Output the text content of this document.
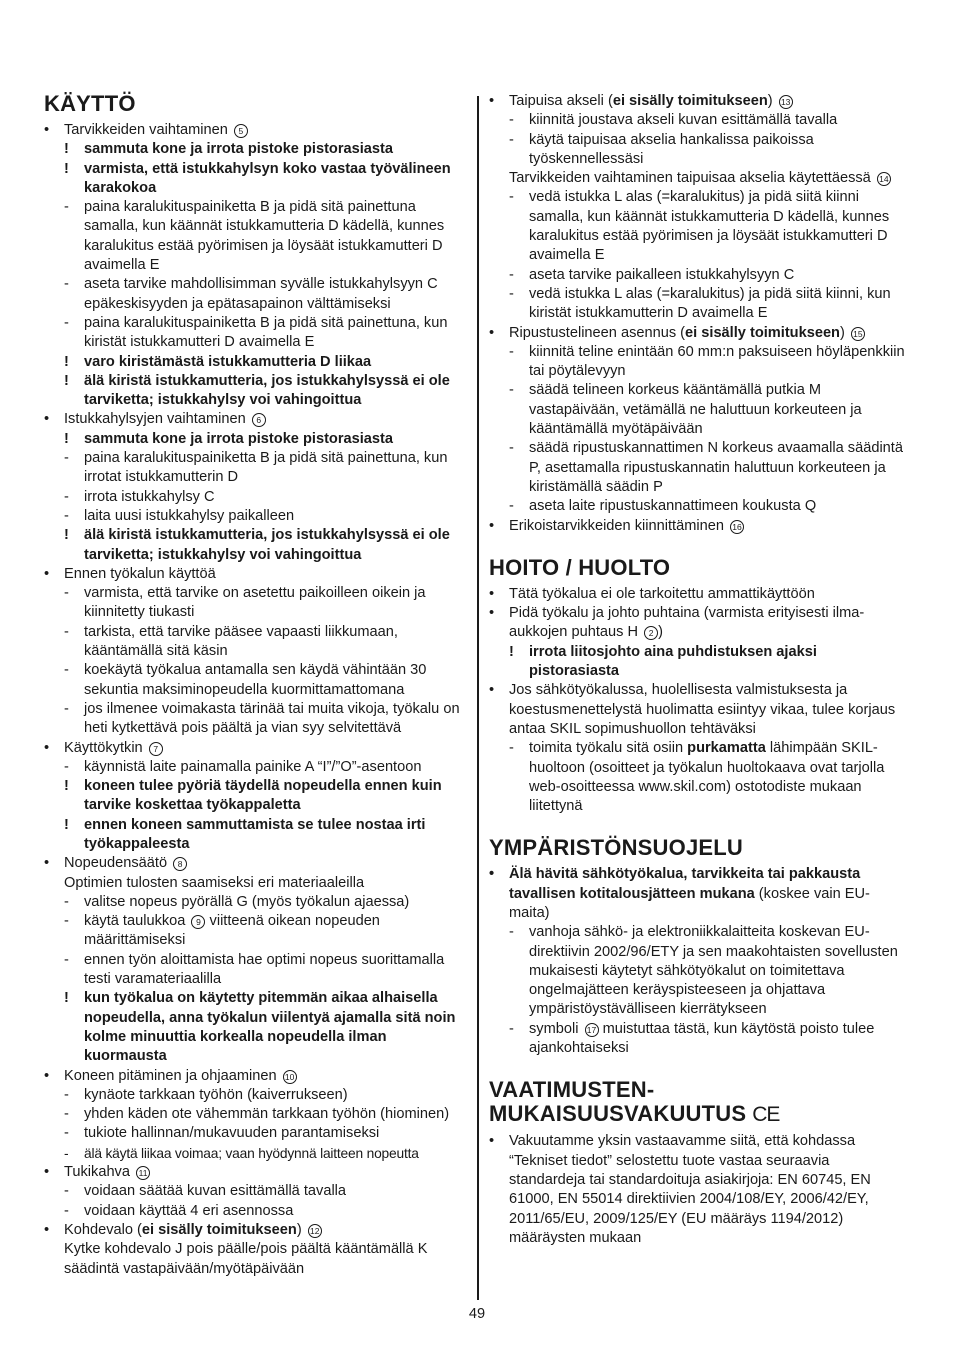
KÄYTTÖ
•	Tarvikkeiden vaihtaminen 5
!	sammuta kone ja irrota pistoke pistorasiasta
!	varmista, että istukkahylsyn koko vastaa työvälineen karakokoa
-	paina karalukituspainiketta B ja pidä sitä painettuna samalla, kun käännät istukkamutteria D kädellä, kunnes karalukitus estää pyörimisen ja löysäät istukkamutteri D avaimella E
-	aseta tarvike mahdollisimman syvälle istukkahylsyyn C epäkeskisyyden ja epätasapainon välttämiseksi
-	paina karalukituspainiketta B ja pidä sitä painettuna, kun kiristät istukkamutteri D avaimella E
!	varo kiristämästä istukkamutteria D liikaa
!	älä kiristä istukkamutteria, jos istukkahylsyssä ei ole tarviketta; istukkahylsy voi vahingoittua
•	Istukkahylsyjen vaihtaminen 6
!	sammuta kone ja irrota pistoke pistorasiasta
-	paina karalukituspainiketta B ja pidä sitä painettuna, kun irrotat istukkamutterin D
-	irrota istukkahylsy C
-	laita uusi istukkahylsy paikalleen
!	älä kiristä istukkamutteria, jos istukkahylsyssä ei ole tarviketta; istukkahylsy voi vahingoittua
•	Ennen työkalun käyttöä
-	varmista, että tarvike on asetettu paikoilleen oikein ja kiinnitetty tiukasti
-	tarkista, että tarvike pääsee vapaasti liikkumaan, kääntämällä sitä käsin
-	koekäytä työkalua antamalla sen käydä vähintään 30 sekuntia maksiminopeudella kuormittamattomana
-	jos ilmenee voimakasta tärinää tai muita vikoja, työkalu on heti kytkettävä pois päältä ja vian syy selvitettävä
•	Käyttökytkin 7
-	käynnistä laite painamalla painike A “I”/”O”-asentoon
!	koneen tulee pyöriä täydellä nopeudella ennen kuin tarvike koskettaa työkappaletta
!	ennen koneen sammuttamista se tulee nostaa irti työkappaleesta
•	Nopeudensäätö 8
Optimien tulosten saamiseksi eri materiaaleilla
-	valitse nopeus pyörällä G (myös työkalun ajaessa)
-	käytä taulukkoa 9 viitteenä oikean nopeuden määrittämiseksi
-	ennen työn aloittamista hae optimi nopeus suorittamalla testi varamateriaalilla
!	kun työkalua on käytetty pitemmän aikaa alhaisella nopeudella, anna työkalun viilentyä ajamalla sitä noin kolme minuuttia korkealla nopeudella ilman kuormausta
•	Koneen pitäminen ja ohjaaminen 10
-	kynäote tarkkaan työhön (kaiverrukseen)
-	yhden käden ote vähemmän tarkkaan työhön (hiominen)
-	tukiote hallinnan/mukavuuden parantamiseksi
-	älä käytä liikaa voimaa; vaan hyödynnä laitteen nopeutta
•	Tukikahva 11
-	voidaan säätää kuvan esittämällä tavalla
-	voidaan käyttää 4 eri asennossa
•	Kohdevalo (ei sisälly toimitukseen) 12
Kytke kohdevalo J pois päälle/pois päältä kääntämällä K säädintä vastapäivään/myötäpäivään
•	Taipuisa akseli (ei sisälly toimitukseen) 13
-	kiinnitä joustava akseli kuvan esittämällä tavalla
-	käytä taipuisaa akselia hankalissa paikoissa työskennellessäsi
Tarvikkeiden vaihtaminen taipuisaa akselia käytettäessä 14
-	vedä istukka L alas (=karalukitus) ja pidä siitä kiinni samalla, kun käännät istukkamutteria D kädellä, kunnes karalukitus estää pyörimisen ja löysäät istukkamutteri D avaimella E
-	aseta tarvike paikalleen istukkahylsyyn C
-	vedä istukka L alas (=karalukitus) ja pidä siitä kiinni, kun kiristät istukkamutterin D avaimella E
•	Ripustustelineen asennus (ei sisälly toimitukseen) 15
-	kiinnitä teline enintään 60 mm:n paksuiseen höyläpenkkiin tai pöytälevyyn
-	säädä telineen korkeus kääntämällä putkia M vastapäivään, vetämällä ne haluttuun korkeuteen ja kääntämällä myötäpäivään
-	säädä ripustuskannattimen N korkeus avaamalla säädintä P, asettamalla ripustuskannatin haluttuun korkeuteen ja kiristämällä säädin P
-	aseta laite ripustuskannattimeen koukusta Q
•	Erikoistarvikkeiden kiinnittäminen 16
HOITO / HUOLTO
•	Tätä työkalua ei ole tarkoitettu ammattikäyttöön
•	Pidä työkalu ja johto puhtaina (varmista erityisesti ilma-aukkojen puhtaus H 2 )
!	irrota liitosjohto aina puhdistuksen ajaksi pistorasiasta
•	Jos sähkötyökalussa, huolellisesta valmistuksesta ja koestusmenettelystä huolimatta esiintyy vikaa, tulee korjaus antaa SKIL sopimushuollon tehtäväksi
-	toimita työkalu sitä osiin purkamatta lähimpään SKIL-huoltoon (osoitteet ja työkalun huoltokaava ovat tarjolla web-osoitteessa www.skil.com) ostotodiste mukaan liitettynä
YMPÄRISTÖNSUOJELU
•	Älä hävitä sähkötyökalua, tarvikkeita tai pakkausta tavallisen kotitalousjätteen mukana (koskee vain EU-maita)
-	vanhoja sähkö- ja elektroniikkalaitteita koskevan EU-direktiivin 2002/96/ETY ja sen maakohtaisten sovellusten mukaisesti käytetyt sähkötyökalut on toimitettava ongelmajätteen keräyspisteeseen ja ohjattava ympäristöystävälliseen kierrätykseen
-	symboli 17 muistuttaa tästä, kun käytöstä poisto tulee ajankohtaiseksi
VAATIMUSTEN-
MUKAISUUSVAKUUTUS CE
•	Vakuutamme yksin vastaavamme siitä, että kohdassa “Tekniset tiedot” selostettu tuote vastaa seuraavia standardeja tai standardoituja asiakirjoja: EN 60745, EN 61000, EN 55014 direktiivien 2004/108/EY, 2006/42/EY, 2011/65/EU, 2009/125/EY (EU määräys 1194/2012) määräysten mukaan
49
